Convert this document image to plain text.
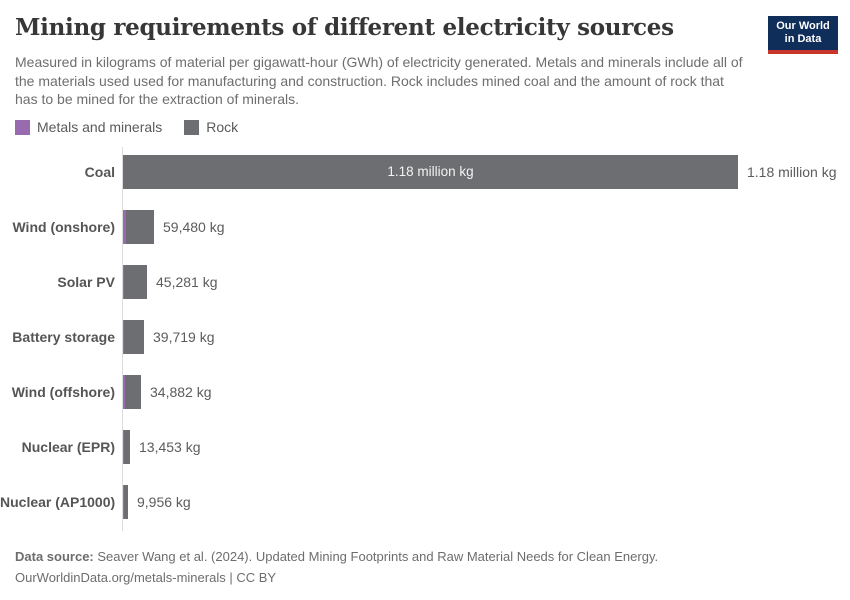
Mining requirements of different electricity sources	Our World
in Data
Measured in kilograms of material per gigawatt-hour (GWh) of electricity generated. Metals and minerals include all of the materials used used for manufacturing and construction. Rock includes mined coal and the amount of rock that has to be mined for the extraction of minerals.
Metals and minerals	Rock
Coal	1.18 million kg	1.18 million kg
Wind (onshore)	59,480 kg
Solar PV	45,281 kg
Battery storage	39,719 kg
Wind (offshore)	34,882 kg
Nuclear (EPR) 13,453 kg
Nuclear (AP1000) 9,956 kg
Data source: Seaver Wang et al. (2024). Updated Mining Footprints and Raw Material Needs for Clean Energy.
OurWorldinData.org/metals-minerals | CC BY
